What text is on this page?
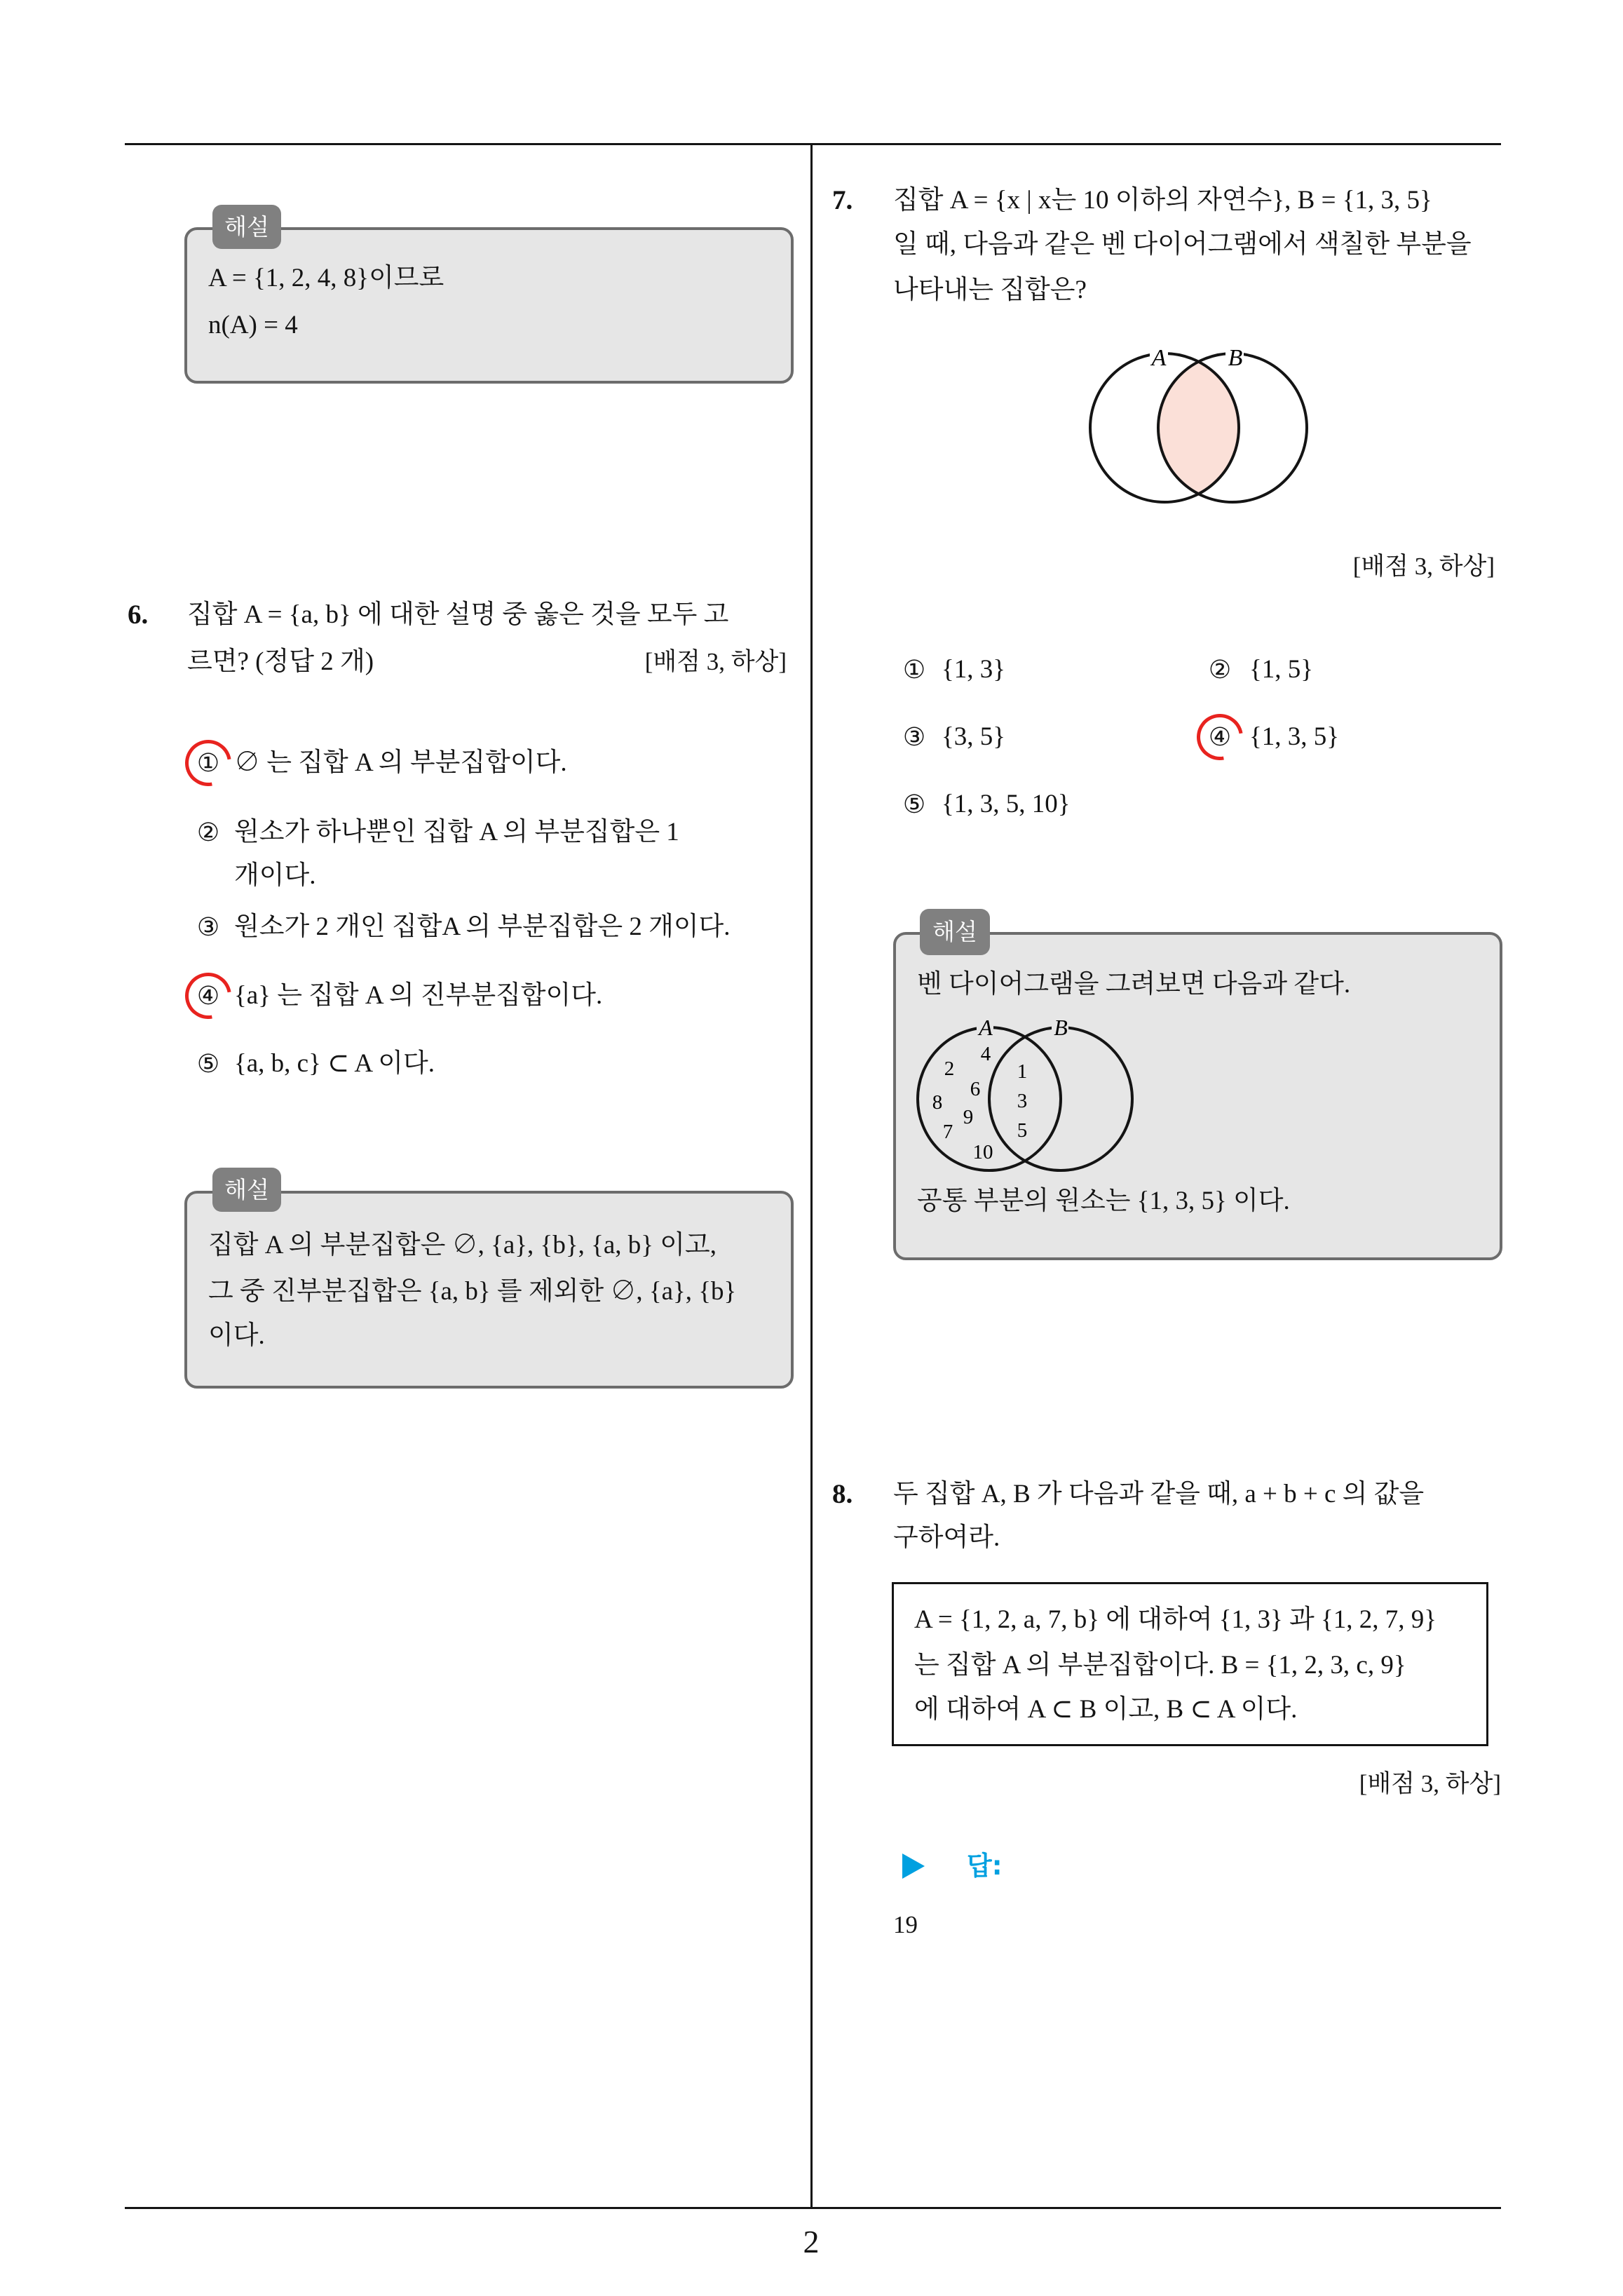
해설
A = {1, 2, 4, 8}이므로
n(A) = 4
6. 집합 A = {a, b} 에 대한 설명 중 옳은 것을 모두 고
르면? (정답 2 개)	[배점 3, 하상]
① ∅ 는 집합 A 의 부분집합이다.
② 원소가 하나뿐인 집합 A 의 부분집합은 1
개이다.
③ 원소가 2 개인 집합A 의 부분집합은 2 개이다.
④ {a} 는 집합 A 의 진부분집합이다.
⑤ {a, b, c} ⊂ A 이다.
해설
집합 A 의 부분집합은 ∅, {a}, {b}, {a, b} 이고,
그 중 진부분집합은 {a, b} 를 제외한 ∅, {a}, {b}
이다.
7. 집합 A = {x | x는 10 이하의 자연수}, B = {1, 3, 5}
일 때, 다음과 같은 벤 다이어그램에서 색칠한 부분을
나타내는 집합은?
A	B
[배점 3, 하상]
① {1, 3}	② {1, 5}
③ {3, 5}	④ {1, 3, 5}
⑤ {1, 3, 5, 10}
해설
벤 다이어그램을 그려보면 다음과 같다.
A	B
4
2
6
8
9
7
10
1
3
5
공통 부분의 원소는 {1, 3, 5} 이다.
8. 두 집합 A, B 가 다음과 같을 때, a + b + c 의 값을
구하여라.
A = {1, 2, a, 7, b} 에 대하여 {1, 3} 과 {1, 2, 7, 9}
는 집합 A 의 부분집합이다. B = {1, 2, 3, c, 9}
에 대하여 A ⊂ B 이고, B ⊂ A 이다.
[배점 3, 하상]
답:
19
2
